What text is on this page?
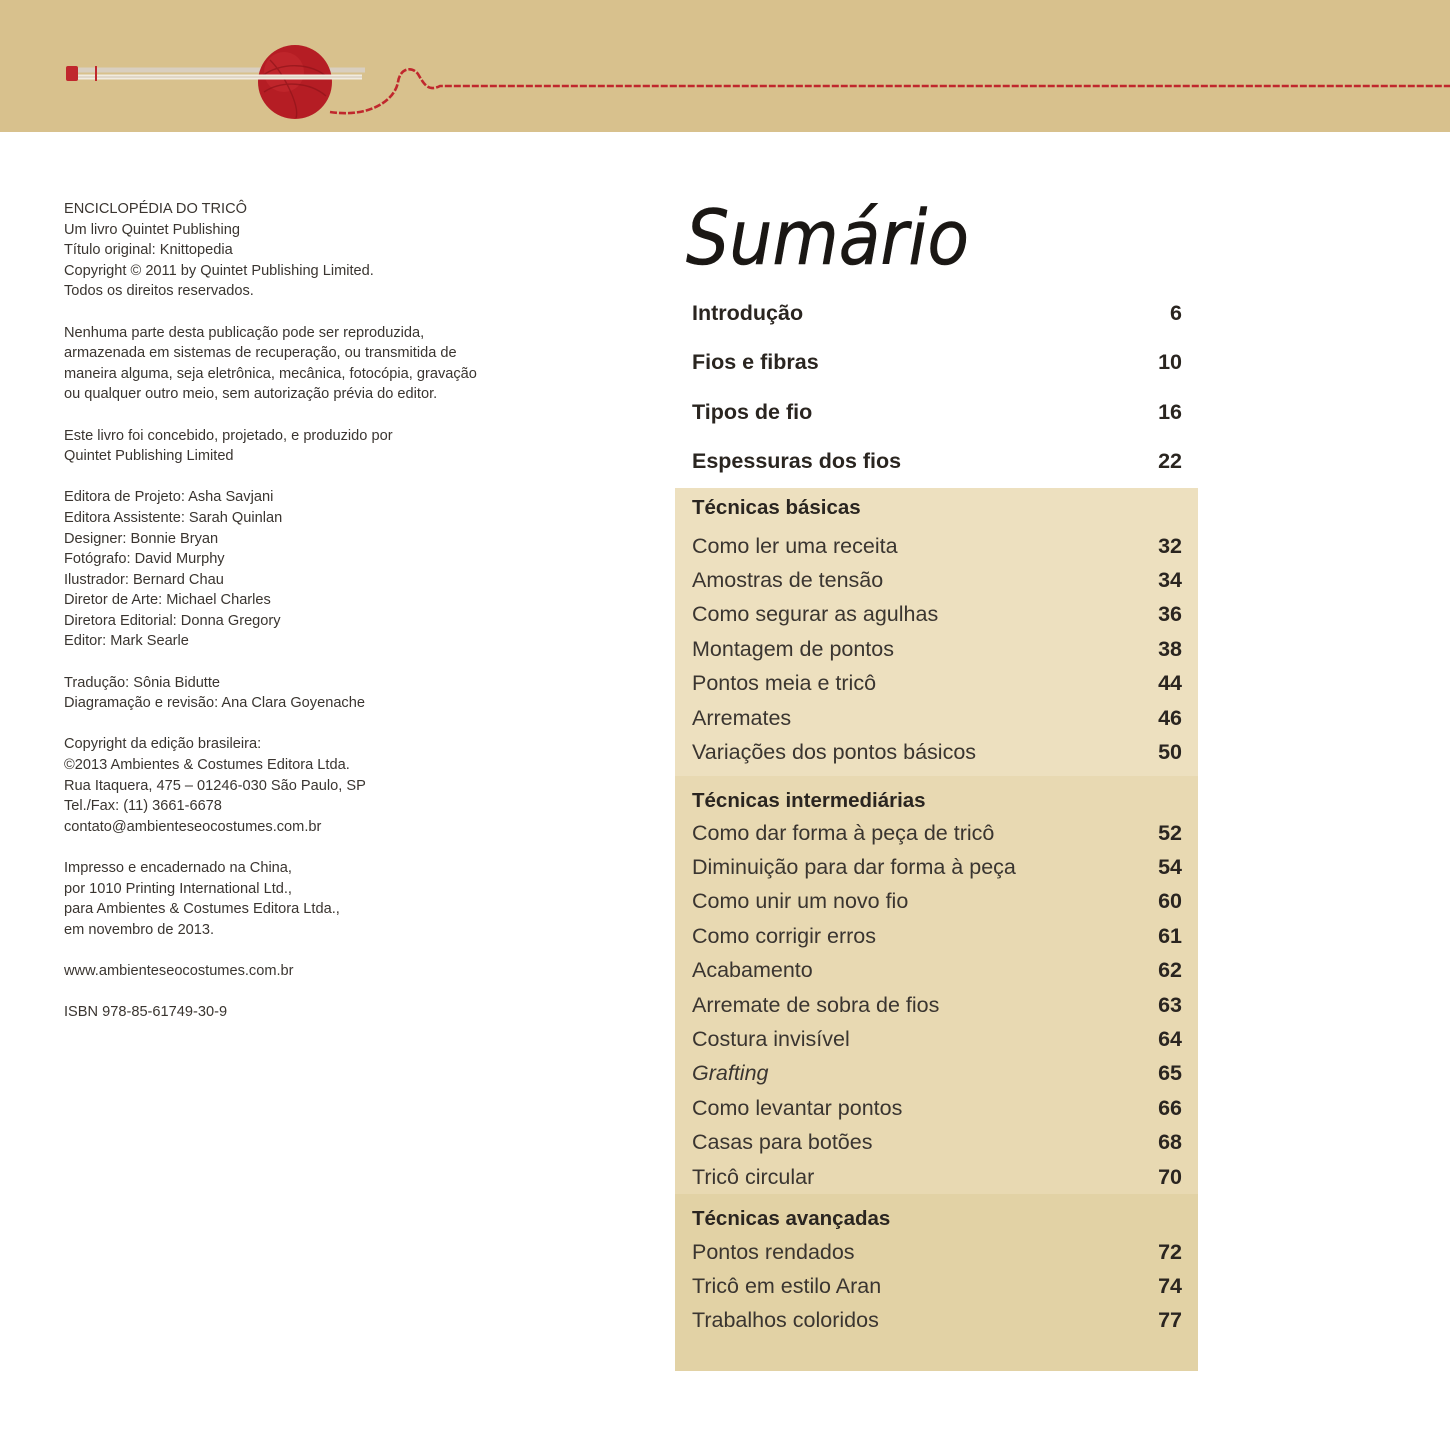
ENCICLOPÉDIA DO TRICÔ
Um livro Quintet Publishing
Título original: Knittopedia
Copyright © 2011 by Quintet Publishing Limited.
Todos os direitos reservados.

Nenhuma parte desta publicação pode ser reproduzida,
armazenada em sistemas de recuperação, ou transmitida de
maneira alguma, seja eletrônica, mecânica, fotocópia, gravação
ou qualquer outro meio, sem autorização prévia do editor.

Este livro foi concebido, projetado, e produzido por
Quintet Publishing Limited

Editora de Projeto: Asha Savjani
Editora Assistente: Sarah Quinlan
Designer: Bonnie Bryan
Fotógrafo: David Murphy
Ilustrador: Bernard Chau
Diretor de Arte: Michael Charles
Diretora Editorial: Donna Gregory
Editor: Mark Searle

Tradução: Sônia Bidutte
Diagramação e revisão: Ana Clara Goyenache

Copyright da edição brasileira:
©2013 Ambientes & Costumes Editora Ltda.
Rua Itaquera, 475 – 01246-030 São Paulo, SP
Tel./Fax: (11) 3661-6678
contato@ambienteseocostumes.com.br

Impresso e encadernado na China,
por 1010 Printing International Ltd.,
para Ambientes & Costumes Editora Ltda.,
em novembro de 2013.

www.ambienteseocostumes.com.br

ISBN 978-85-61749-30-9

Sumário
Introdução	6
Fios e fibras	10
Tipos de fio	16
Espessuras dos fios	22
Técnicas básicas
Como ler uma receita	32
Amostras de tensão	34
Como segurar as agulhas	36
Montagem de pontos	38
Pontos meia e tricô	44
Arremates	46
Variações dos pontos básicos	50
Técnicas intermediárias
Como dar forma à peça de tricô	52
Diminuição para dar forma à peça	54
Como unir um novo fio	60
Como corrigir erros	61
Acabamento	62
Arremate de sobra de fios	63
Costura invisível	64
Grafting	65
Como levantar pontos	66
Casas para botões	68
Tricô circular	70
Técnicas avançadas
Pontos rendados	72
Tricô em estilo Aran	74
Trabalhos coloridos	77
